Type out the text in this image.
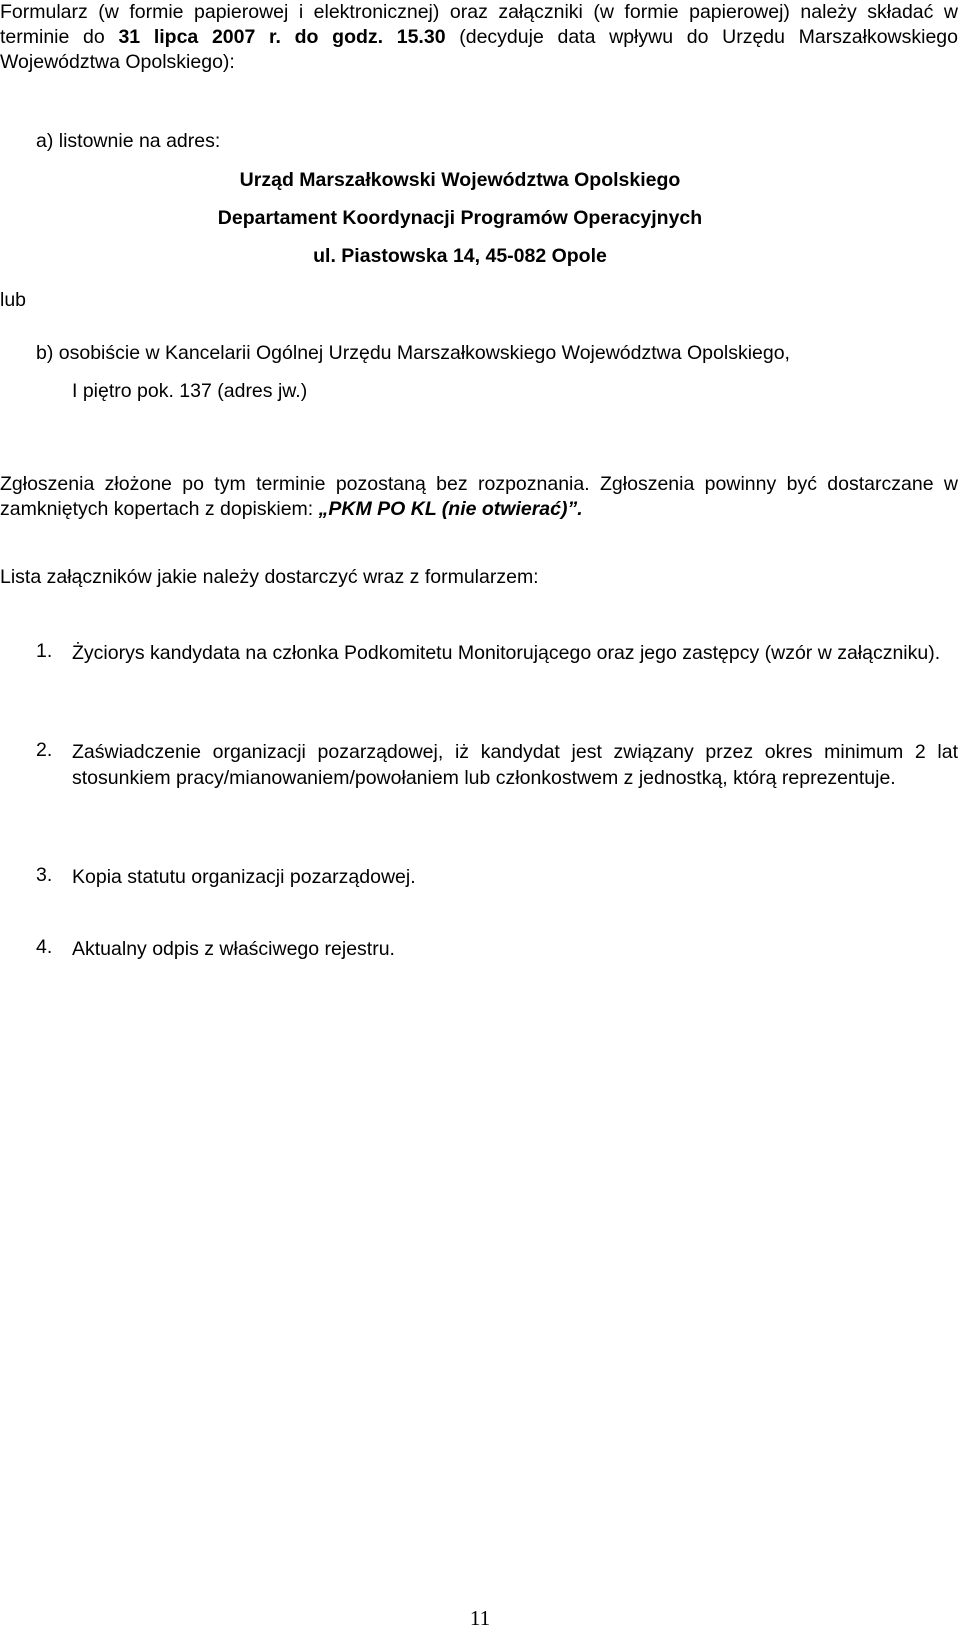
Formularz (w formie papierowej i elektronicznej) oraz załączniki (w formie papierowej) należy składać w terminie do 31 lipca 2007 r. do godz. 15.30 (decyduje data wpływu do Urzędu Marszałkowskiego Województwa Opolskiego):

a) listownie na adres:
Urząd Marszałkowski Województwa Opolskiego
Departament Koordynacji Programów Operacyjnych
ul. Piastowska 14, 45-082 Opole
lub
b) osobiście w Kancelarii Ogólnej Urzędu Marszałkowskiego Województwa Opolskiego,
I piętro pok. 137 (adres jw.)

Zgłoszenia złożone po tym terminie pozostaną bez rozpoznania. Zgłoszenia powinny być dostarczane w zamkniętych kopertach z dopiskiem: „PKM PO KL (nie otwierać)”.

Lista załączników jakie należy dostarczyć wraz z formularzem:
1. Życiorys kandydata na członka Podkomitetu Monitorującego oraz jego zastępcy (wzór w załączniku).

2. Zaświadczenie organizacji pozarządowej, iż kandydat jest związany przez okres minimum 2 lat stosunkiem pracy/mianowaniem/powołaniem lub członkostwem z jednostką, którą reprezentuje.

3. Kopia statutu organizacji pozarządowej.

4. Aktualny odpis z właściwego rejestru.

11
